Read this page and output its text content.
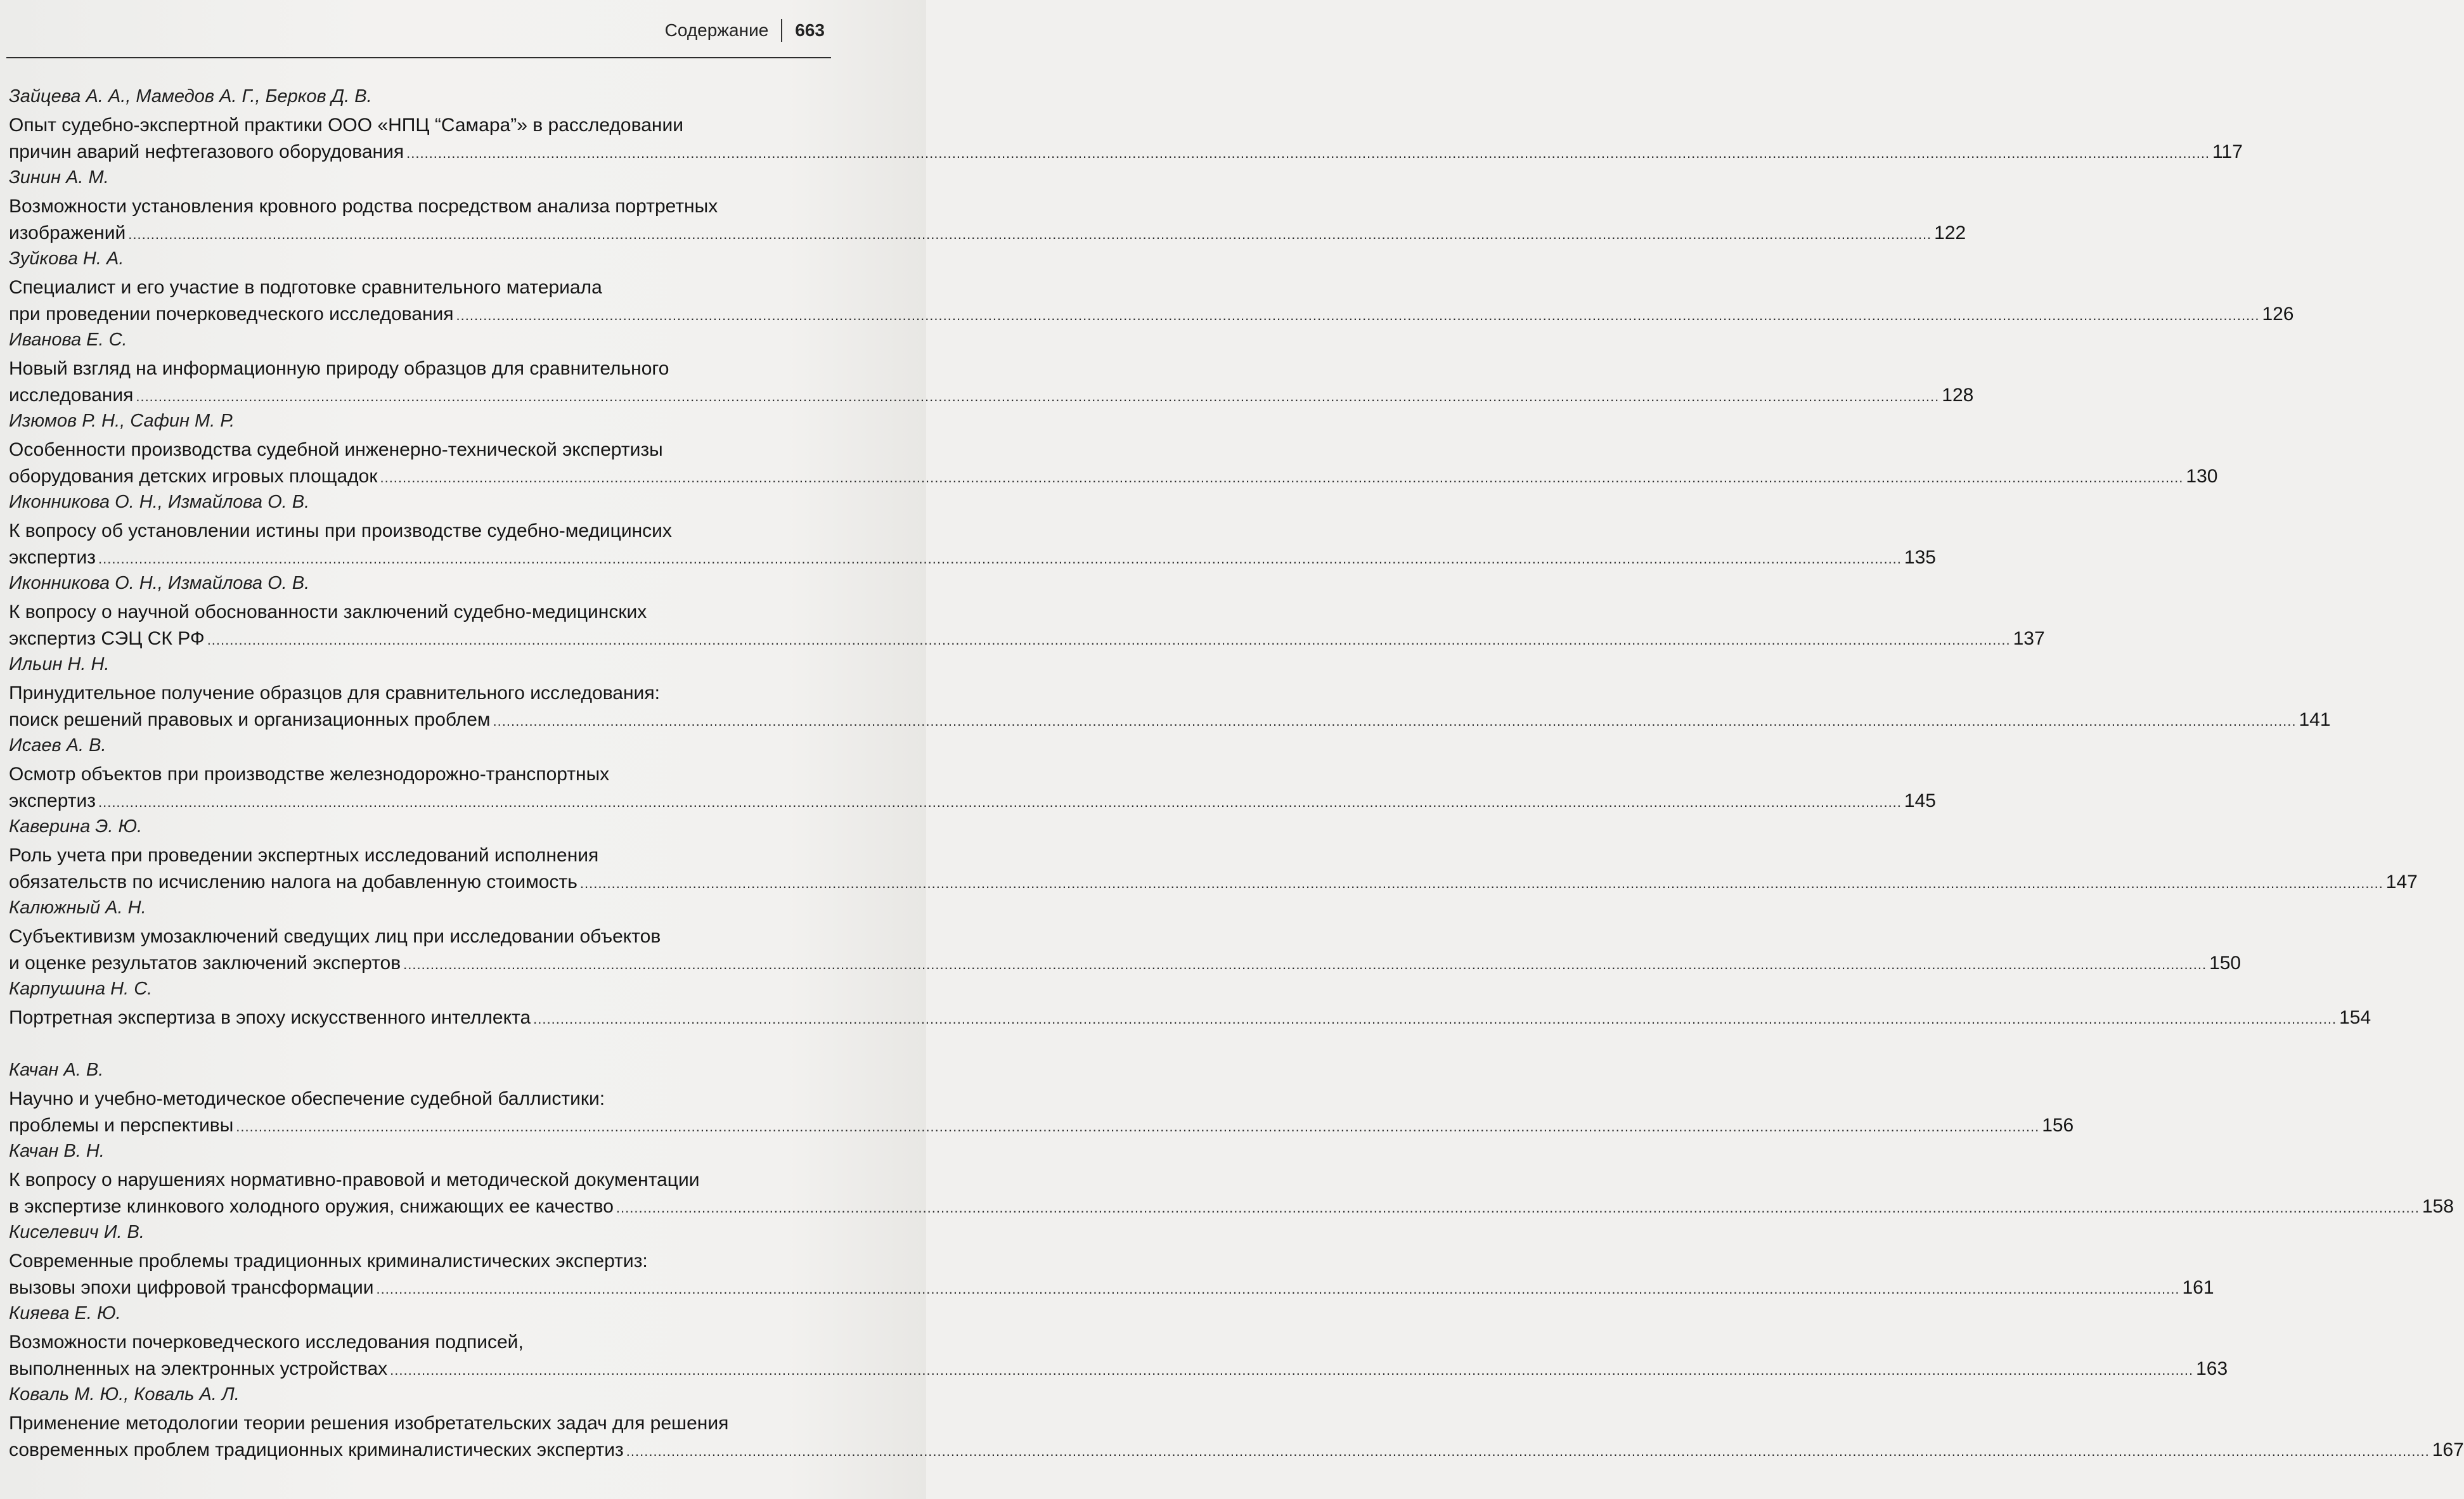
Содержание	663
Зайцева А. А., Мамедов А. Г., Берков Д. В.
Опыт судебно-экспертной практики ООО «НПЦ “Самара”» в расследовании
причин аварий нефтегазового оборудования ................................................................................................................................................................................................................................................................................................................................................................................................................ 117
Зинин А. М.
Возможности установления кровного родства посредством анализа портретных
изображений ................................................................................................................................................................................................................................................................................................................................................................................................................ 122
Зуйкова Н. А.
Специалист и его участие в подготовке сравнительного материала
при проведении почерковедческого исследования ................................................................................................................................................................................................................................................................................................................................................................................................................ 126
Иванова Е. С.
Новый взгляд на информационную природу образцов для сравнительного
исследования ................................................................................................................................................................................................................................................................................................................................................................................................................ 128
Изюмов Р. Н., Сафин М. Р.
Особенности производства судебной инженерно-технической экспертизы
оборудования детских игровых площадок ................................................................................................................................................................................................................................................................................................................................................................................................................ 130
Иконникова О. Н., Измайлова О. В.
К вопросу об установлении истины при производстве судебно-медицинсих
экспертиз ................................................................................................................................................................................................................................................................................................................................................................................................................ 135
Иконникова О. Н., Измайлова О. В.
К вопросу о научной обоснованности заключений судебно-медицинских
экспертиз СЭЦ СК РФ ................................................................................................................................................................................................................................................................................................................................................................................................................ 137
Ильин Н. Н.
Принудительное получение образцов для сравнительного исследования:
поиск решений правовых и организационных проблем ................................................................................................................................................................................................................................................................................................................................................................................................................ 141
Исаев А. В.
Осмотр объектов при производстве железнодорожно-транспортных
экспертиз ................................................................................................................................................................................................................................................................................................................................................................................................................ 145
Каверина Э. Ю.
Роль учета при проведении экспертных исследований исполнения
обязательств по исчислению налога на добавленную стоимость ................................................................................................................................................................................................................................................................................................................................................................................................................ 147
Калюжный А. Н.
Субъективизм умозаключений сведущих лиц при исследовании объектов
и оценке результатов заключений экспертов ................................................................................................................................................................................................................................................................................................................................................................................................................ 150
Карпушина Н. С.
Портретная экспертиза в эпоху искусственного интеллекта ................................................................................................................................................................................................................................................................................................................................................................................................................ 154
Качан А. В.
Научно и учебно-методическое обеспечение судебной баллистики:
проблемы и перспективы ................................................................................................................................................................................................................................................................................................................................................................................................................ 156
Качан В. Н.
К вопросу о нарушениях нормативно-правовой и методической документации
в экспертизе клинкового холодного оружия, снижающих ее качество ................................................................................................................................................................................................................................................................................................................................................................................................................ 158
Киселевич И. В.
Современные проблемы традиционных криминалистических экспертиз:
вызовы эпохи цифровой трансформации ................................................................................................................................................................................................................................................................................................................................................................................................................ 161
Кияева Е. Ю.
Возможности почерковедческого исследования подписей,
выполненных на электронных устройствах ................................................................................................................................................................................................................................................................................................................................................................................................................ 163
Коваль М. Ю., Коваль А. Л.
Применение методологии теории решения изобретательских задач для решения
современных проблем традиционных криминалистических экспертиз ................................................................................................................................................................................................................................................................................................................................................................................................................ 167
